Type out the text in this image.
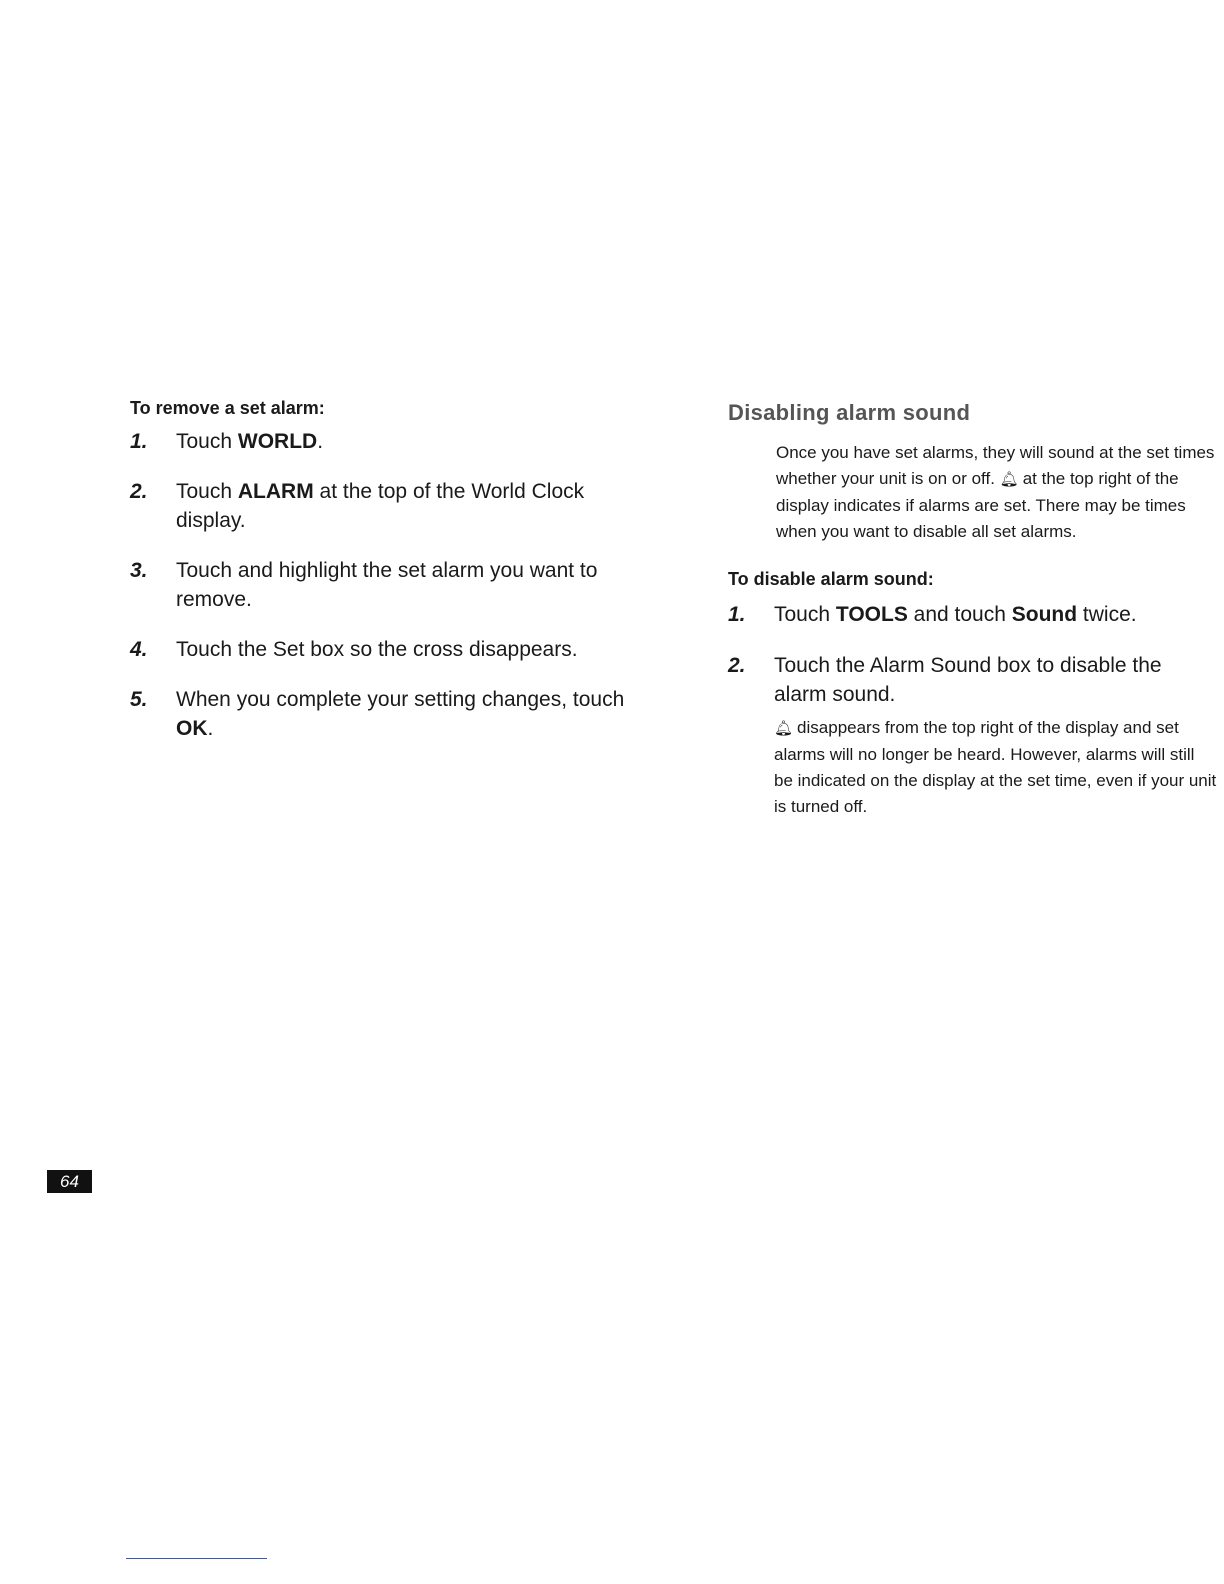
To remove a set alarm:

1. Touch WORLD.
2. Touch ALARM at the top of the World Clock display.
3. Touch and highlight the set alarm you want to remove.
4. Touch the Set box so the cross disappears.
5. When you complete your setting changes, touch OK.
Disabling alarm sound

Once you have set alarms, they will sound at the set times whether your unit is on or off. 🔔︎ at the top right of the display indicates if alarms are set. There may be times when you want to disable all set alarms.

To disable alarm sound:

1. Touch TOOLS and touch Sound twice.
2. Touch the Alarm Sound box to disable the alarm sound.
🔔︎ disappears from the top right of the display and set alarms will no longer be heard. However, alarms will still be indicated on the display at the set time, even if your unit is turned off.
64
